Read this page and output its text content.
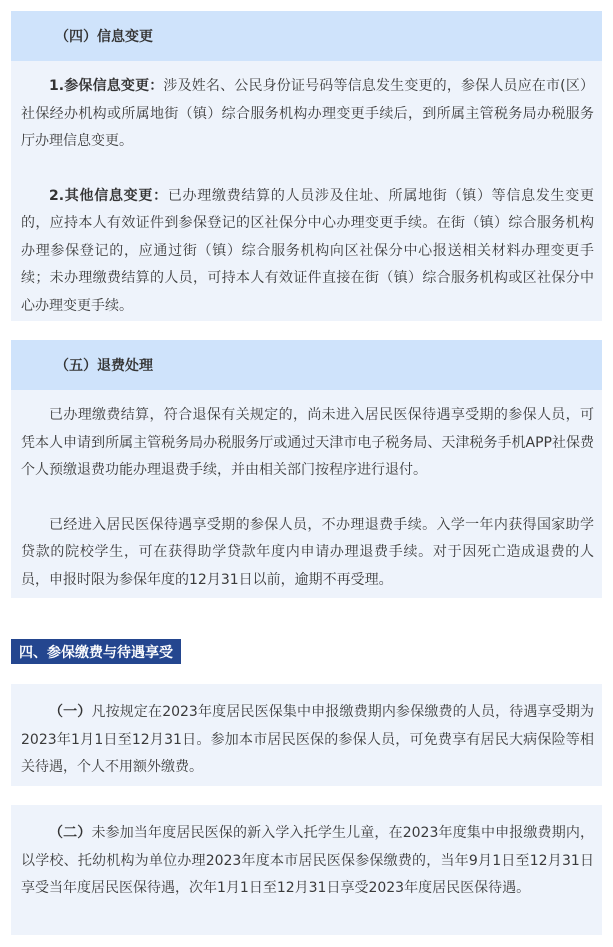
（四）信息变更

1.参保信息变更：涉及姓名、公民身份证号码等信息发生变更的，参保人员应在市(区）社保经办机构或所属地街（镇）综合服务机构办理变更手续后，到所属主管税务局办税服务厅办理信息变更。

2.其他信息变更：已办理缴费结算的人员涉及住址、所属地街（镇）等信息发生变更的，应持本人有效证件到参保登记的区社保分中心办理变更手续。在街（镇）综合服务机构办理参保登记的，应通过街（镇）综合服务机构向区社保分中心报送相关材料办理变更手续；未办理缴费结算的人员，可持本人有效证件直接在街（镇）综合服务机构或区社保分中心办理变更手续。

（五）退费处理

已办理缴费结算，符合退保有关规定的，尚未进入居民医保待遇享受期的参保人员，可凭本人申请到所属主管税务局办税服务厅或通过天津市电子税务局、天津税务手机APP社保费个人预缴退费功能办理退费手续，并由相关部门按程序进行退付。

已经进入居民医保待遇享受期的参保人员，不办理退费手续。入学一年内获得国家助学贷款的院校学生，可在获得助学贷款年度内申请办理退费手续。对于因死亡造成退费的人员，申报时限为参保年度的12月31日以前，逾期不再受理。

四、参保缴费与待遇享受

（一）凡按规定在2023年度居民医保集中申报缴费期内参保缴费的人员，待遇享受期为2023年1月1日至12月31日。参加本市居民医保的参保人员，可免费享有居民大病保险等相关待遇，个人不用额外缴费。

（二）未参加当年度居民医保的新入学入托学生儿童，在2023年度集中申报缴费期内，以学校、托幼机构为单位办理2023年度本市居民医保参保缴费的，当年9月1日至12月31日享受当年度居民医保待遇，次年1月1日至12月31日享受2023年度居民医保待遇。
